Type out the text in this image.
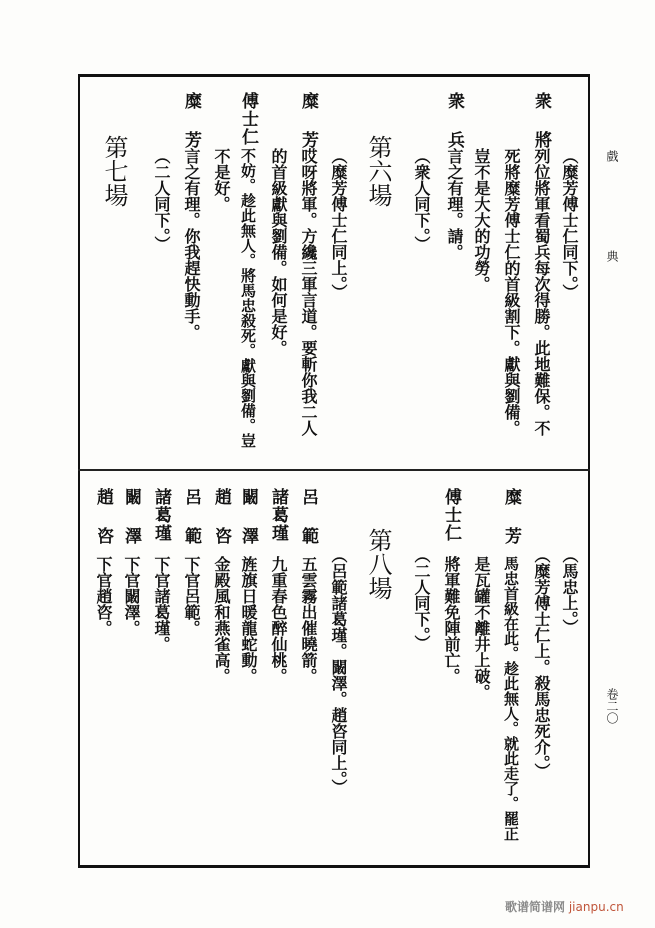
戲
典
卷二〇
歌谱简谱网 jianpu.cn
（糜芳傅士仁同下。）
衆將
列位將軍看蜀兵每次得勝。此地難保。不
死將糜芳傅士仁的首級割下。獻與劉備。
豈不是大大的功勞。
衆兵
言之有理。請。
（衆人同下。）
第六場
（糜芳傅士仁同上。）
糜芳
哎呀將軍。方纔三軍言道。要斬你我二人
的首級獻與劉備。如何是好。
傅士仁
不妨。趁此無人。將馬忠殺死。獻與劉備。豈
不是好。
糜芳
言之有理。你我趕快動手。
（二人同下。）
第七場
（馬忠上。）
（糜芳傅士仁上。殺馬忠死介。）
糜芳
馬忠首級在此。趁此無人。就此走了。罷正
是瓦罐不離井上破。
傅士仁
將軍難免陣前亡。
（二人同下。）
第八場
（呂範諸葛瑾。闞澤。趙咨同上。）
呂範
五雲霧出催曉箭。
諸葛瑾
九重春色醉仙桃。
闞澤
旌旗日暖龍蛇動。
趙咨
金殿風和燕雀高。
呂範
下官呂範。
諸葛瑾
下官諸葛瑾。
闞澤
下官闞澤。
趙咨
下官趙咨。
